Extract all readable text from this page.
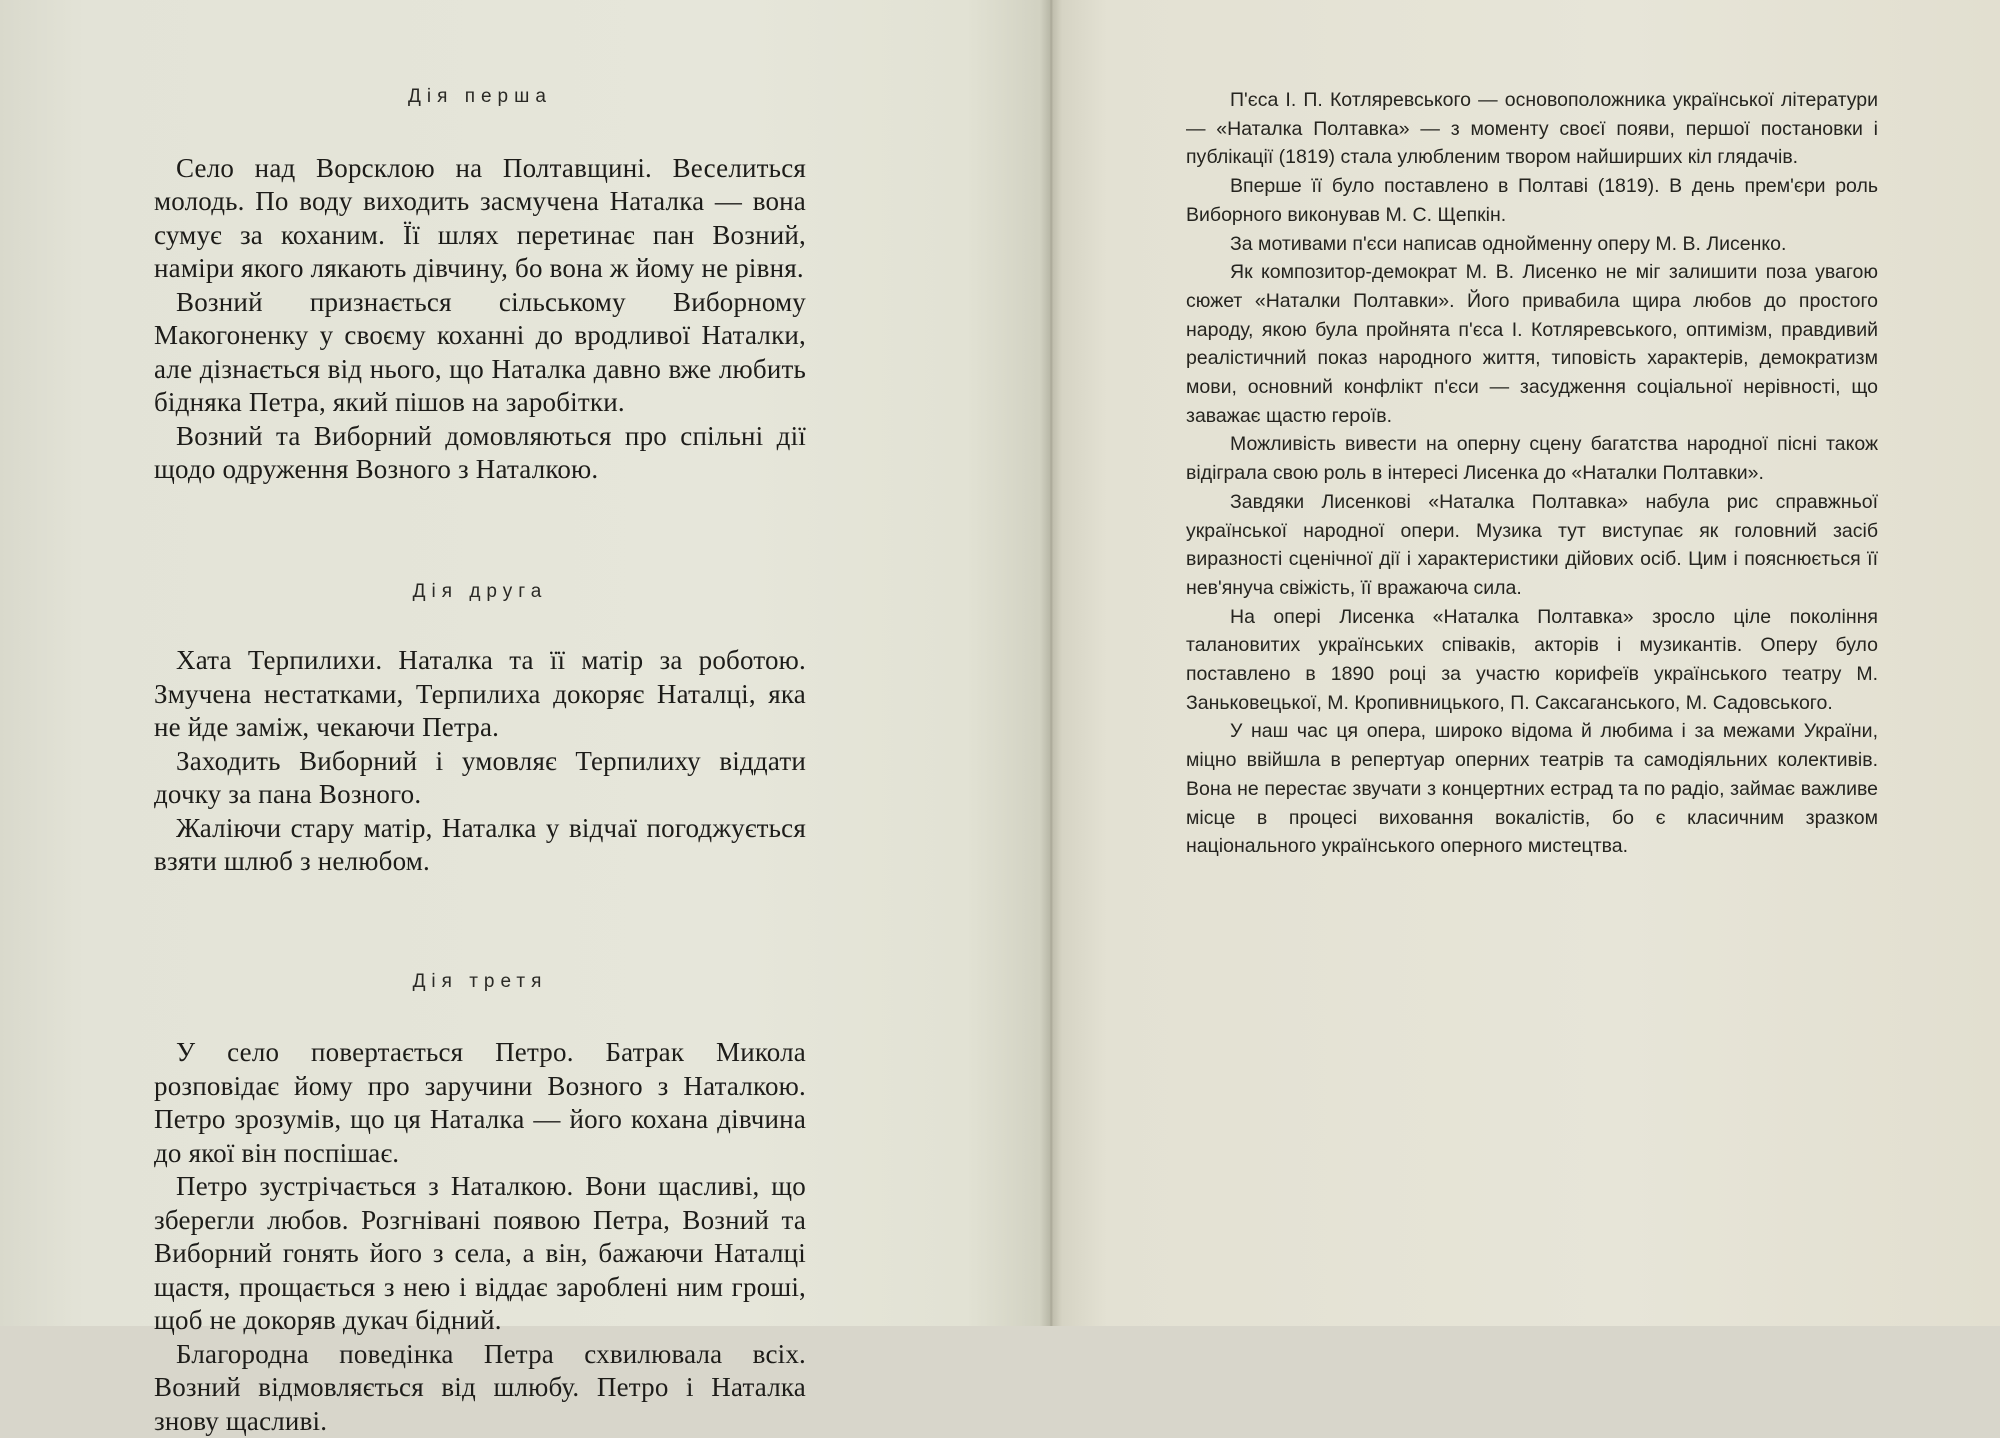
Дія перша

Село над Ворсклою на Полтавщині. Веселиться молодь. По воду виходить засмучена Наталка — вона сумує за коханим. Її шлях перетинає пан Возний, наміри якого лякають дівчину, бо вона ж йому не рівня.

Возний признається сільському Виборному Макогоненку у своєму коханні до вродливої Наталки, але дізнається від нього, що Наталка давно вже любить бідняка Петра, який пішов на заробітки.

Возний та Виборний домовляються про спільні дії щодо одруження Возного з Наталкою.

Дія друга

Хата Терпилихи. Наталка та її матір за роботою. Змучена нестатками, Терпилиха докоряє Наталці, яка не йде заміж, чекаючи Петра.

Заходить Виборний і умовляє Терпилиху віддати дочку за пана Возного.

Жаліючи стару матір, Наталка у відчаї погоджується взяти шлюб з нелюбом.

Дія третя

У село повертається Петро. Батрак Микола розповідає йому про заручини Возного з Наталкою. Петро зрозумів, що ця Наталка — його кохана дівчина до якої він поспішає.

Петро зустрічається з Наталкою. Вони щасливі, що зберегли любов. Розгнівані появою Петра, Возний та Виборний гонять його з села, а він, бажаючи Наталці щастя, прощається з нею і віддає зароблені ним гроші, щоб не докоряв дукач бідний.

Благородна поведінка Петра схвилювала всіх. Возний відмовляється від шлюбу. Петро і Наталка знову щасливі.

П'єса І. П. Котляревського — основоположника української літератури — «Наталка Полтавка» — з моменту своєї появи, першої постановки і публікації (1819) стала улюбленим твором найширших кіл глядачів.

Вперше її було поставлено в Полтаві (1819). В день прем'єри роль Виборного виконував М. С. Щепкін.

За мотивами п'єси написав однойменну оперу М. В. Лисенко.

Як композитор-демократ М. В. Лисенко не міг залишити поза увагою сюжет «Наталки Полтавки». Його привабила щира любов до простого народу, якою була пройнята п'єса І. Котляревського, оптимізм, правдивий реалістичний показ народного життя, типовість характерів, демократизм мови, основний конфлікт п'єси — засудження соціальної нерівності, що заважає щастю героїв.

Можливість вивести на оперну сцену багатства народної пісні також відіграла свою роль в інтересі Лисенка до «Наталки Полтавки».

Завдяки Лисенкові «Наталка Полтавка» набула рис справжньої української народної опери. Музика тут виступає як головний засіб виразності сценічної дії і характеристики дійових осіб. Цим і пояснюється її нев'януча свіжість, її вражаюча сила.

На опері Лисенка «Наталка Полтавка» зросло ціле покоління талановитих українських співаків, акторів і музикантів. Оперу було поставлено в 1890 році за участю корифеїв українського театру М. Заньковецької, М. Кропивницького, П. Саксаганського, М. Садовського.

У наш час ця опера, широко відома й любима і за межами України, міцно ввійшла в репертуар оперних театрів та самодіяльних колективів. Вона не перестає звучати з концертних естрад та по радіо, займає важливе місце в процесі виховання вокалістів, бо є класичним зразком національного українського оперного мистецтва.
